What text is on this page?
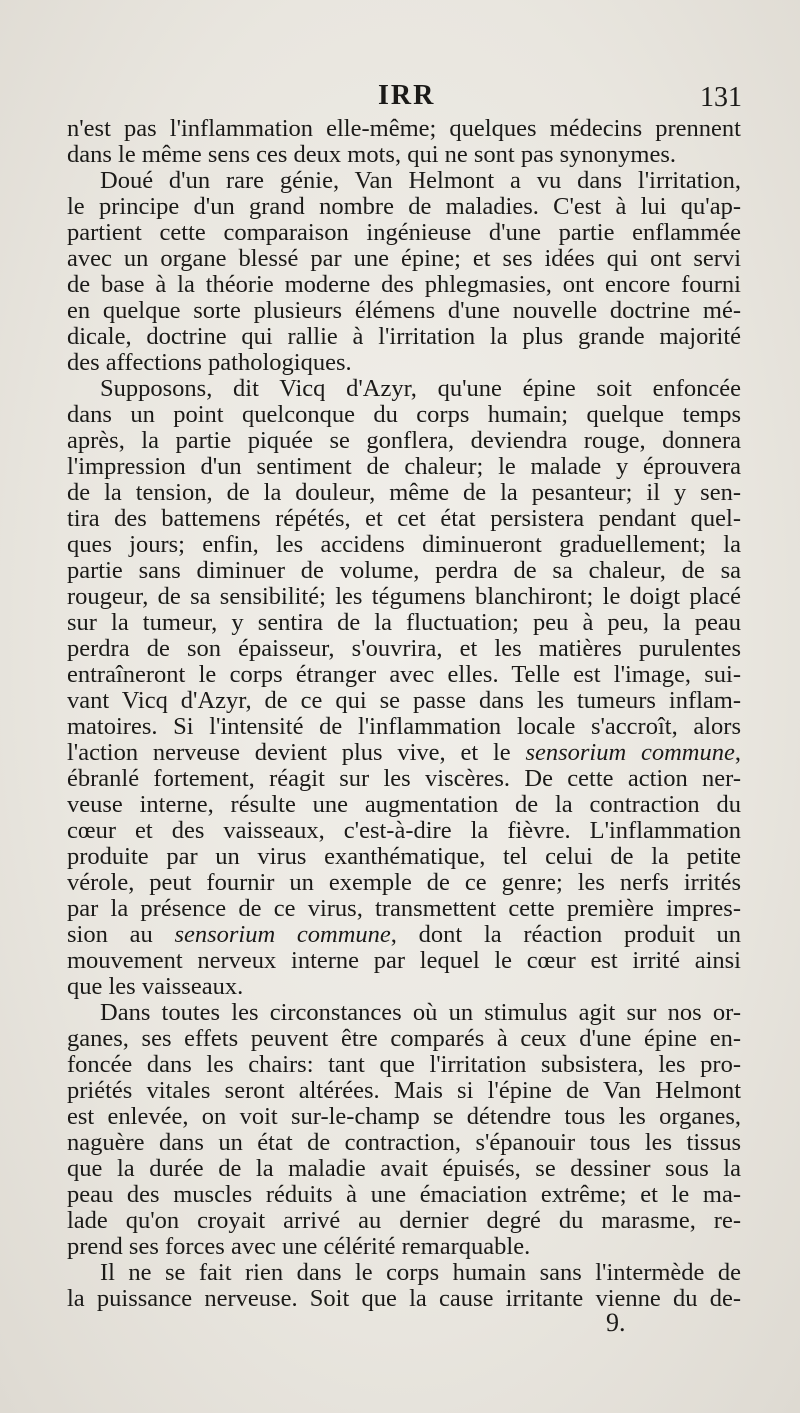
IRR	131
n'est pas l'inflammation elle-même; quelques médecins prennent
dans le même sens ces deux mots, qui ne sont pas synonymes.
Doué d'un rare génie, Van Helmont a vu dans l'irritation,
le principe d'un grand nombre de maladies. C'est à lui qu'ap-
partient cette comparaison ingénieuse d'une partie enflammée
avec un organe blessé par une épine; et ses idées qui ont servi
de base à la théorie moderne des phlegmasies, ont encore fourni
en quelque sorte plusieurs élémens d'une nouvelle doctrine mé-
dicale, doctrine qui rallie à l'irritation la plus grande majorité
des affections pathologiques.
Supposons, dit Vicq d'Azyr, qu'une épine soit enfoncée
dans un point quelconque du corps humain; quelque temps
après, la partie piquée se gonflera, deviendra rouge, donnera
l'impression d'un sentiment de chaleur; le malade y éprouvera
de la tension, de la douleur, même de la pesanteur; il y sen-
tira des battemens répétés, et cet état persistera pendant quel-
ques jours; enfin, les accidens diminueront graduellement; la
partie sans diminuer de volume, perdra de sa chaleur, de sa
rougeur, de sa sensibilité; les tégumens blanchiront; le doigt placé
sur la tumeur, y sentira de la fluctuation; peu à peu, la peau
perdra de son épaisseur, s'ouvrira, et les matières purulentes
entraîneront le corps étranger avec elles. Telle est l'image, sui-
vant Vicq d'Azyr, de ce qui se passe dans les tumeurs inflam-
matoires. Si l'intensité de l'inflammation locale s'accroît, alors
l'action nerveuse devient plus vive, et le sensorium commune,
ébranlé fortement, réagit sur les viscères. De cette action ner-
veuse interne, résulte une augmentation de la contraction du
cœur et des vaisseaux, c'est-à-dire la fièvre. L'inflammation
produite par un virus exanthématique, tel celui de la petite
vérole, peut fournir un exemple de ce genre; les nerfs irrités
par la présence de ce virus, transmettent cette première impres-
sion au sensorium commune, dont la réaction produit un
mouvement nerveux interne par lequel le cœur est irrité ainsi
que les vaisseaux.
Dans toutes les circonstances où un stimulus agit sur nos or-
ganes, ses effets peuvent être comparés à ceux d'une épine en-
foncée dans les chairs: tant que l'irritation subsistera, les pro-
priétés vitales seront altérées. Mais si l'épine de Van Helmont
est enlevée, on voit sur-le-champ se détendre tous les organes,
naguère dans un état de contraction, s'épanouir tous les tissus
que la durée de la maladie avait épuisés, se dessiner sous la
peau des muscles réduits à une émaciation extrême; et le ma-
lade qu'on croyait arrivé au dernier degré du marasme, re-
prend ses forces avec une célérité remarquable.
Il ne se fait rien dans le corps humain sans l'intermède de
la puissance nerveuse. Soit que la cause irritante vienne du de-
9.
